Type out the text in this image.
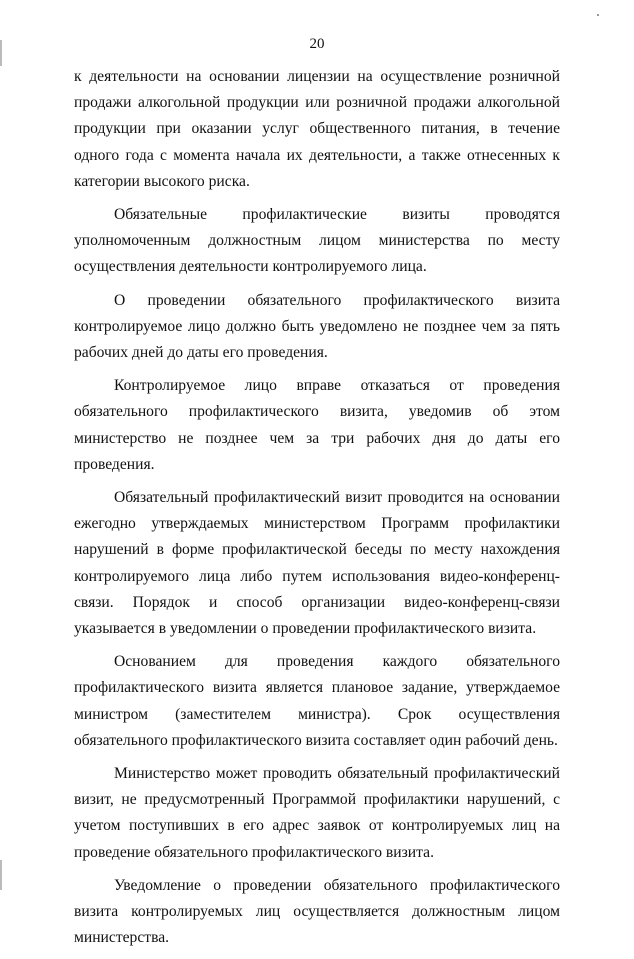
20

к деятельности на основании лицензии на осуществление розничной продажи алкогольной продукции или розничной продажи алкогольной продукции при оказании услуг общественного питания, в течение одного года с момента начала их деятельности, а также отнесенных к категории высокого риска.

Обязательные профилактические визиты проводятся уполномоченным должностным лицом министерства по месту осуществления деятельности контролируемого лица.

О проведении обязательного профилактического визита контролируемое лицо должно быть уведомлено не позднее чем за пять рабочих дней до даты его проведения.

Контролируемое лицо вправе отказаться от проведения обязательного профилактического визита, уведомив об этом министерство не позднее чем за три рабочих дня до даты его проведения.

Обязательный профилактический визит проводится на основании ежегодно утверждаемых министерством Программ профилактики нарушений в форме профилактической беседы по месту нахождения контролируемого лица либо путем использования видео-конференц-связи. Порядок и способ организации видео-конференц-связи указывается в уведомлении о проведении профилактического визита.

Основанием для проведения каждого обязательного профилактического визита является плановое задание, утверждаемое министром (заместителем министра). Срок осуществления обязательного профилактического визита составляет один рабочий день.

Министерство может проводить обязательный профилактический визит, не предусмотренный Программой профилактики нарушений, с учетом поступивших в его адрес заявок от контролируемых лиц на проведение обязательного профилактического визита.

Уведомление о проведении обязательного профилактического визита контролируемых лиц осуществляется должностным лицом министерства.
